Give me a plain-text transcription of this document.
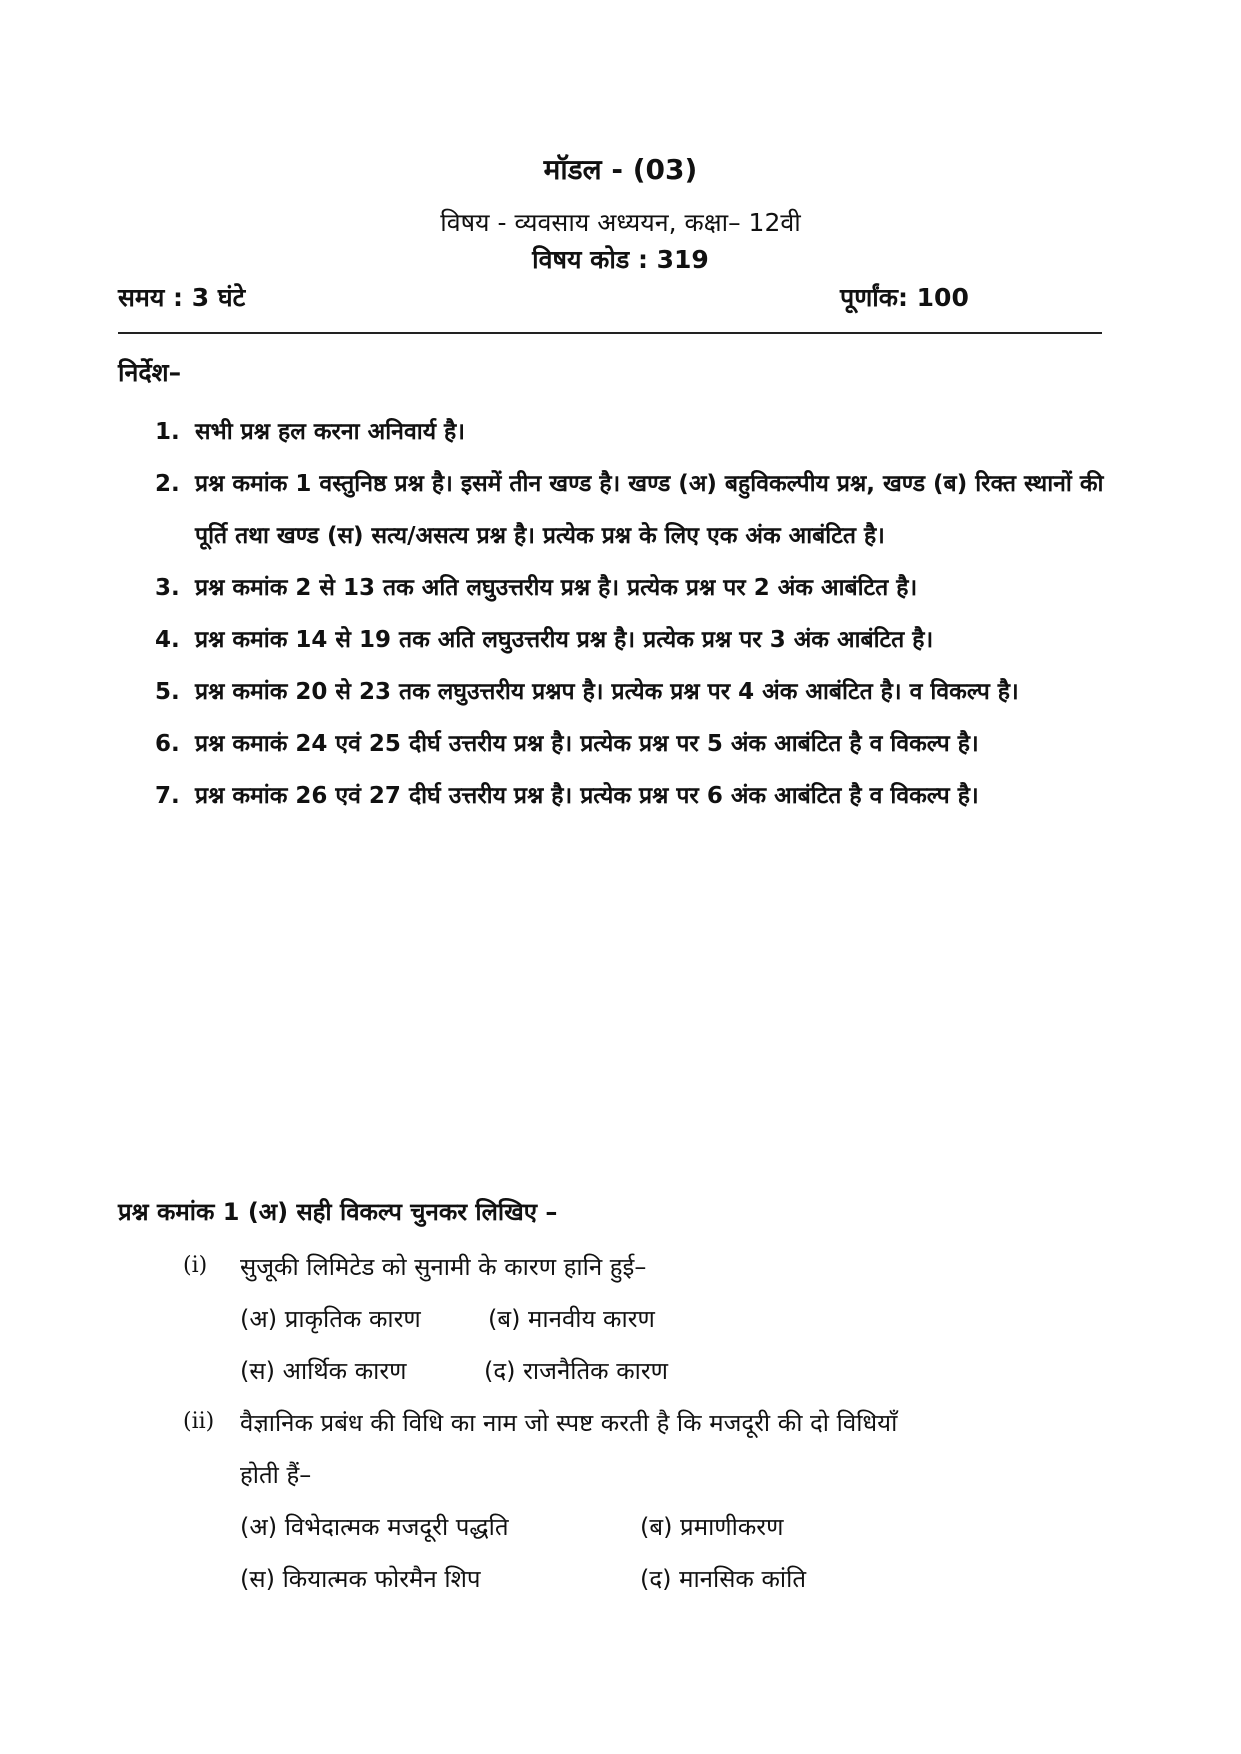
मॉडल - (03)
विषय - व्यवसाय अध्ययन, कक्षा– 12वी
विषय कोड : 319
समय : 3 घंटे	पूर्णांक: 100
निर्देश–
1. सभी प्रश्न हल करना अनिवार्य है।
2. प्रश्न कमांक 1 वस्तुनिष्ठ प्रश्न है। इसमें तीन खण्ड है। खण्ड (अ) बहुविकल्पीय प्रश्न, खण्ड (ब) रिक्त स्थानों की पूर्ति तथा खण्ड (स) सत्य/असत्य प्रश्न है। प्रत्येक प्रश्न के लिए एक अंक आबंटित है।
3. प्रश्न कमांक 2 से 13 तक अति लघुउत्तरीय प्रश्न है। प्रत्येक प्रश्न पर 2 अंक आबंटित है।
4. प्रश्न कमांक 14 से 19 तक अति लघुउत्तरीय प्रश्न है। प्रत्येक प्रश्न पर 3 अंक आबंटित है।
5. प्रश्न कमांक 20 से 23 तक लघुउत्तरीय प्रश्नप है। प्रत्येक प्रश्न पर 4 अंक आबंटित है। व विकल्प है।
6. प्रश्न कमाकं 24 एवं 25 दीर्घ उत्तरीय प्रश्न है। प्रत्येक प्रश्न पर 5 अंक आबंटित है व विकल्प है।
7. प्रश्न कमांक 26 एवं 27 दीर्घ उत्तरीय प्रश्न है। प्रत्येक प्रश्न पर 6 अंक आबंटित है व विकल्प है।
प्रश्न कमांक 1 (अ) सही विकल्प चुनकर लिखिए –
(i) सुजूकी लिमिटेड को सुनामी के कारण हानि हुई–
(अ) प्राकृतिक कारण	(ब) मानवीय कारण
(स) आर्थिक कारण	(द) राजनैतिक कारण
(ii) वैज्ञानिक प्रबंध की विधि का नाम जो स्पष्ट करती है कि मजदूरी की दो विधियाँ
होती हैं–
(अ) विभेदात्मक मजदूरी पद्धति	(ब) प्रमाणीकरण
(स) कियात्मक फोरमैन शिप	(द) मानसिक कांति
